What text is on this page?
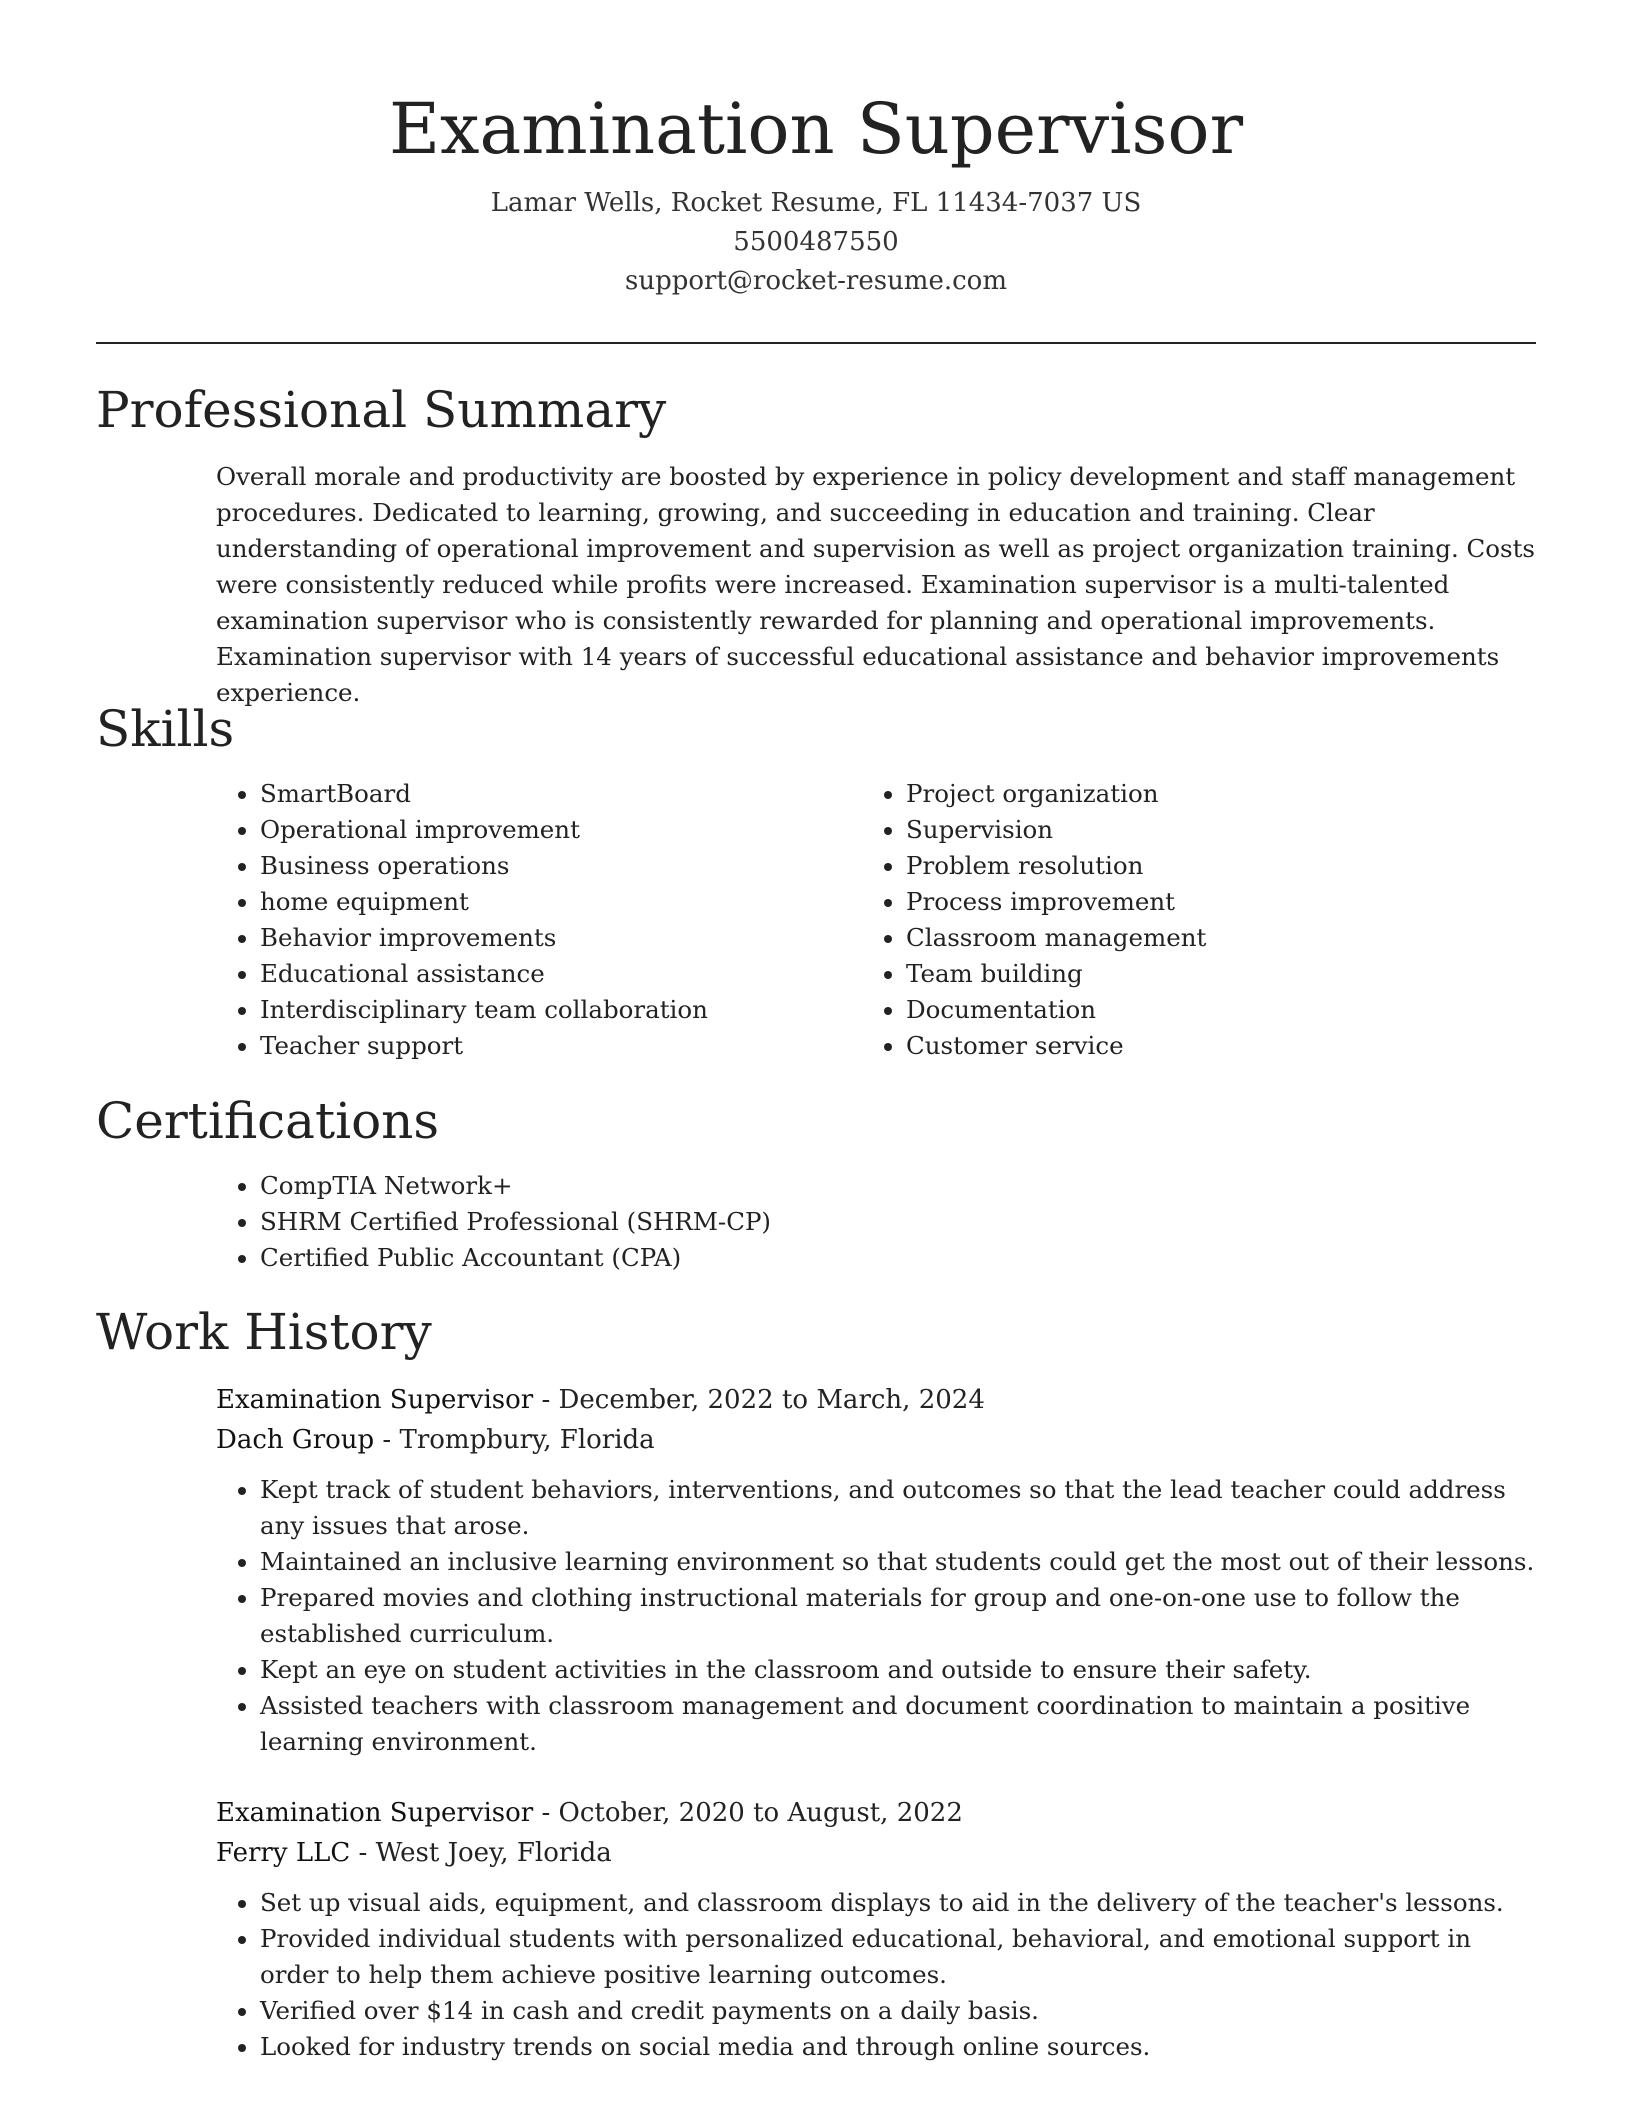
Examination Supervisor
Lamar Wells, Rocket Resume, FL 11434-7037 US
5500487550
support@rocket-resume.com
Professional Summary

Overall morale and productivity are boosted by experience in policy development and staff management procedures. Dedicated to learning, growing, and succeeding in education and training. Clear understanding of operational improvement and supervision as well as project organization training. Costs were consistently reduced while profits were increased. Examination supervisor is a multi-talented examination supervisor who is consistently rewarded for planning and operational improvements. Examination supervisor with 14 years of successful educational assistance and behavior improvements experience.

Skills
• SmartBoard
• Operational improvement
• Business operations
• home equipment
• Behavior improvements
• Educational assistance
• Interdisciplinary team collaboration
• Teacher support
• Project organization
• Supervision
• Problem resolution
• Process improvement
• Classroom management
• Team building
• Documentation
• Customer service
Certifications
• CompTIA Network+
• SHRM Certified Professional (SHRM-CP)
• Certified Public Accountant (CPA)
Work History
Examination Supervisor - December, 2022 to March, 2024
Dach Group - Trompbury, Florida
• Kept track of student behaviors, interventions, and outcomes so that the lead teacher could address any issues that arose.
• Maintained an inclusive learning environment so that students could get the most out of their lessons.
• Prepared movies and clothing instructional materials for group and one-on-one use to follow the established curriculum.
• Kept an eye on student activities in the classroom and outside to ensure their safety.
• Assisted teachers with classroom management and document coordination to maintain a positive learning environment.
Examination Supervisor - October, 2020 to August, 2022
Ferry LLC - West Joey, Florida
• Set up visual aids, equipment, and classroom displays to aid in the delivery of the teacher's lessons.
• Provided individual students with personalized educational, behavioral, and emotional support in order to help them achieve positive learning outcomes.
• Verified over $14 in cash and credit payments on a daily basis.
• Looked for industry trends on social media and through online sources.
